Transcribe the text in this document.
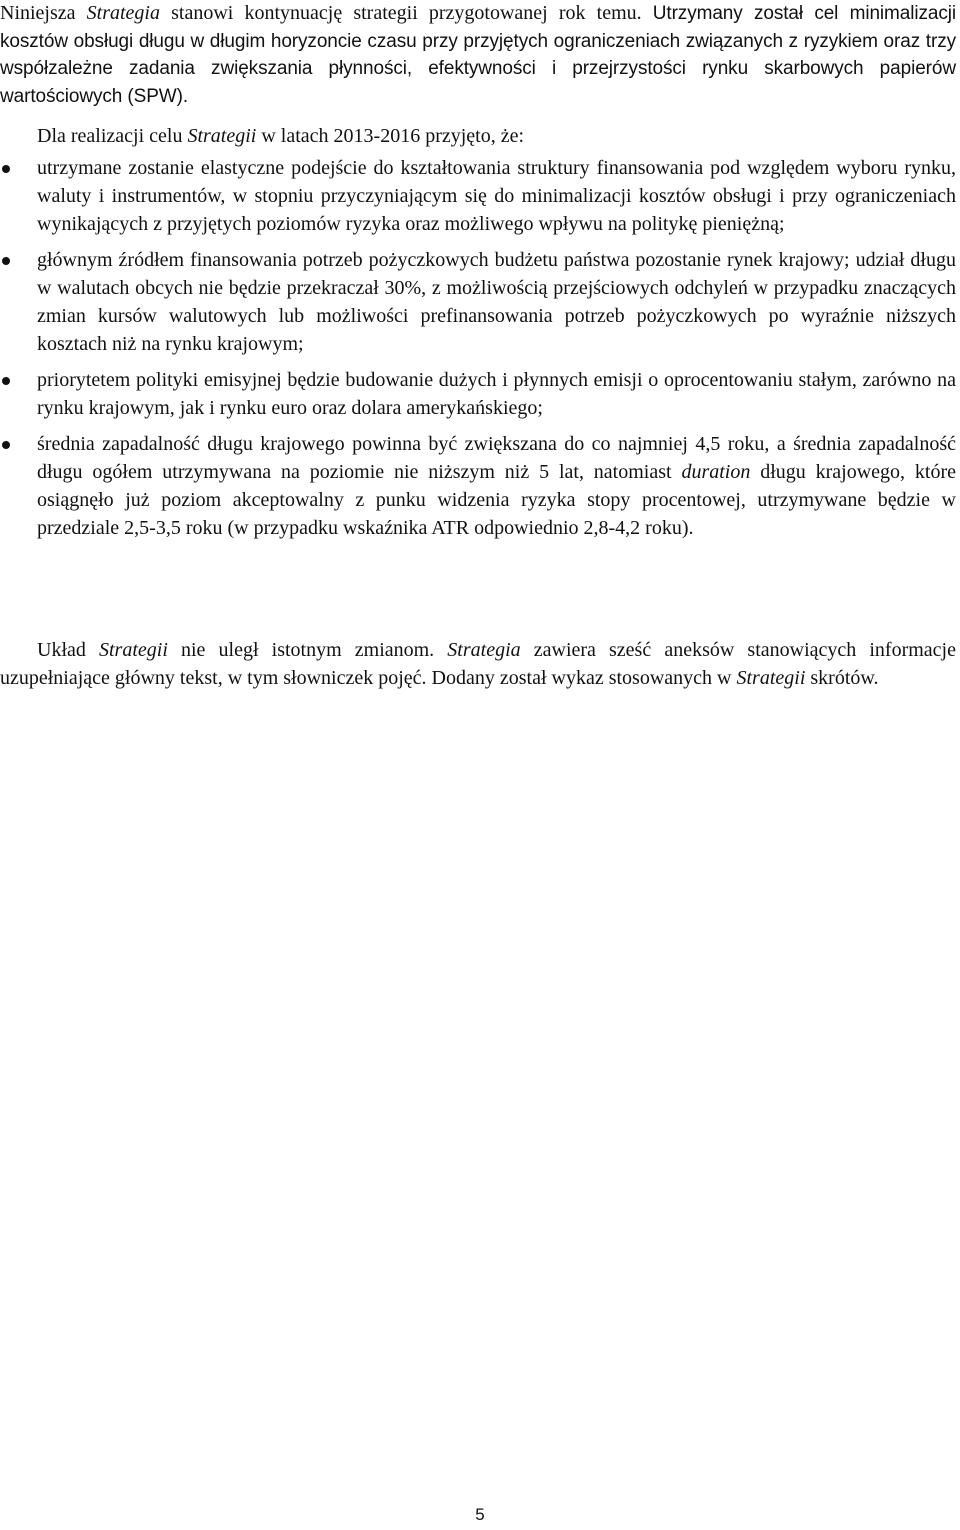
Niniejsza Strategia stanowi kontynuację strategii przygotowanej rok temu. Utrzymany został cel minimalizacji kosztów obsługi długu w długim horyzoncie czasu przy przyjętych ograniczeniach związanych z ryzykiem oraz trzy współzależne zadania zwiększania płynności, efektywności i przejrzystości rynku skarbowych papierów wartościowych (SPW).

Dla realizacji celu Strategii w latach 2013-2016 przyjęto, że:

utrzymane zostanie elastyczne podejście do kształtowania struktury finansowania pod względem wyboru rynku, waluty i instrumentów, w stopniu przyczyniającym się do minimalizacji kosztów obsługi i przy ograniczeniach wynikających z przyjętych poziomów ryzyka oraz możliwego wpływu na politykę pieniężną;

głównym źródłem finansowania potrzeb pożyczkowych budżetu państwa pozostanie rynek krajowy; udział długu w walutach obcych nie będzie przekraczał 30%, z możliwością przejściowych odchyleń w przypadku znaczących zmian kursów walutowych lub możliwości prefinansowania potrzeb pożyczkowych po wyraźnie niższych kosztach niż na rynku krajowym;

priorytetem polityki emisyjnej będzie budowanie dużych i płynnych emisji o oprocentowaniu stałym, zarówno na rynku krajowym, jak i rynku euro oraz dolara amerykańskiego;

średnia zapadalność długu krajowego powinna być zwiększana do co najmniej 4,5 roku, a średnia zapadalność długu ogółem utrzymywana na poziomie nie niższym niż 5 lat, natomiast duration długu krajowego, które osiągnęło już poziom akceptowalny z punku widzenia ryzyka stopy procentowej, utrzymywane będzie w przedziale 2,5-3,5 roku (w przypadku wskaźnika ATR odpowiednio 2,8-4,2 roku).

Układ Strategii nie uległ istotnym zmianom. Strategia zawiera sześć aneksów stanowiących informacje uzupełniające główny tekst, w tym słowniczek pojęć. Dodany został wykaz stosowanych w Strategii skrótów.

5
